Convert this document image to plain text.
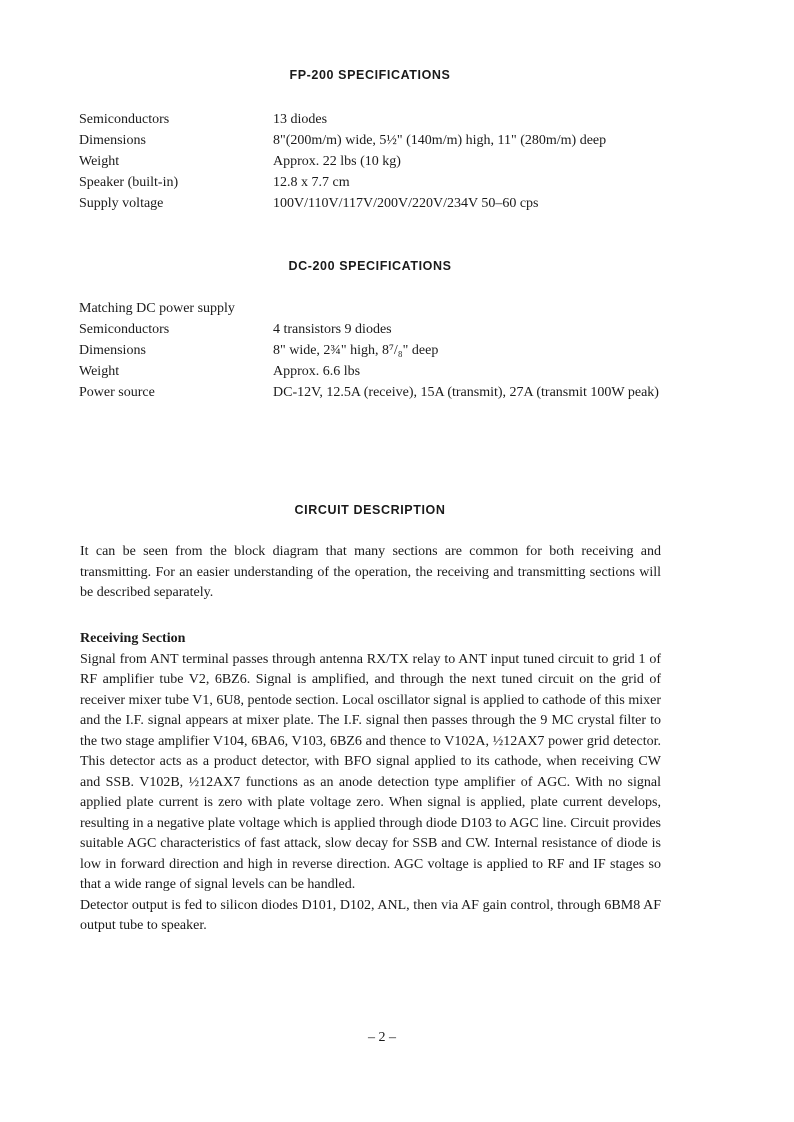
FP-200 SPECIFICATIONS
Semiconductors	13 diodes
Dimensions	8"(200m/m) wide, 5½" (140m/m) high, 11" (280m/m) deep
Weight	Approx. 22 lbs (10 kg)
Speaker (built-in)	12.8 x 7.7 cm
Supply voltage	100V/110V/117V/200V/220V/234V 50–60 cps
DC-200 SPECIFICATIONS
Matching DC power supply
Semiconductors	4 transistors 9 diodes
Dimensions	8" wide, 2¾" high, 8⁷/₈" deep
Weight	Approx. 6.6 lbs
Power source	DC-12V, 12.5A (receive), 15A (transmit), 27A (transmit 100W peak)
CIRCUIT DESCRIPTION

It can be seen from the block diagram that many sections are common for both receiving and transmitting. For an easier understanding of the operation, the receiving and transmitting sections will be described separately.

Receiving Section

Signal from ANT terminal passes through antenna RX/TX relay to ANT input tuned circuit to grid 1 of RF amplifier tube V2, 6BZ6. Signal is amplified, and through the next tuned circuit on the grid of receiver mixer tube V1, 6U8, pentode section. Local oscillator signal is applied to cathode of this mixer and the I.F. signal appears at mixer plate. The I.F. signal then passes through the 9 MC crystal filter to the two stage amplifier V104, 6BA6, V103, 6BZ6 and thence to V102A, ½12AX7 power grid detector. This detector acts as a product detector, with BFO signal applied to its cathode, when receiving CW and SSB. V102B, ½12AX7 functions as an anode detection type amplifier of AGC. With no signal applied plate current is zero with plate voltage zero. When signal is applied, plate current develops, resulting in a negative plate voltage which is applied through diode D103 to AGC line. Circuit provides suitable AGC characteristics of fast attack, slow decay for SSB and CW. Internal resistance of diode is low in forward direction and high in reverse direction. AGC voltage is applied to RF and IF stages so that a wide range of signal levels can be handled.

Detector output is fed to silicon diodes D101, D102, ANL, then via AF gain control, through 6BM8 AF output tube to speaker.

– 2 –
